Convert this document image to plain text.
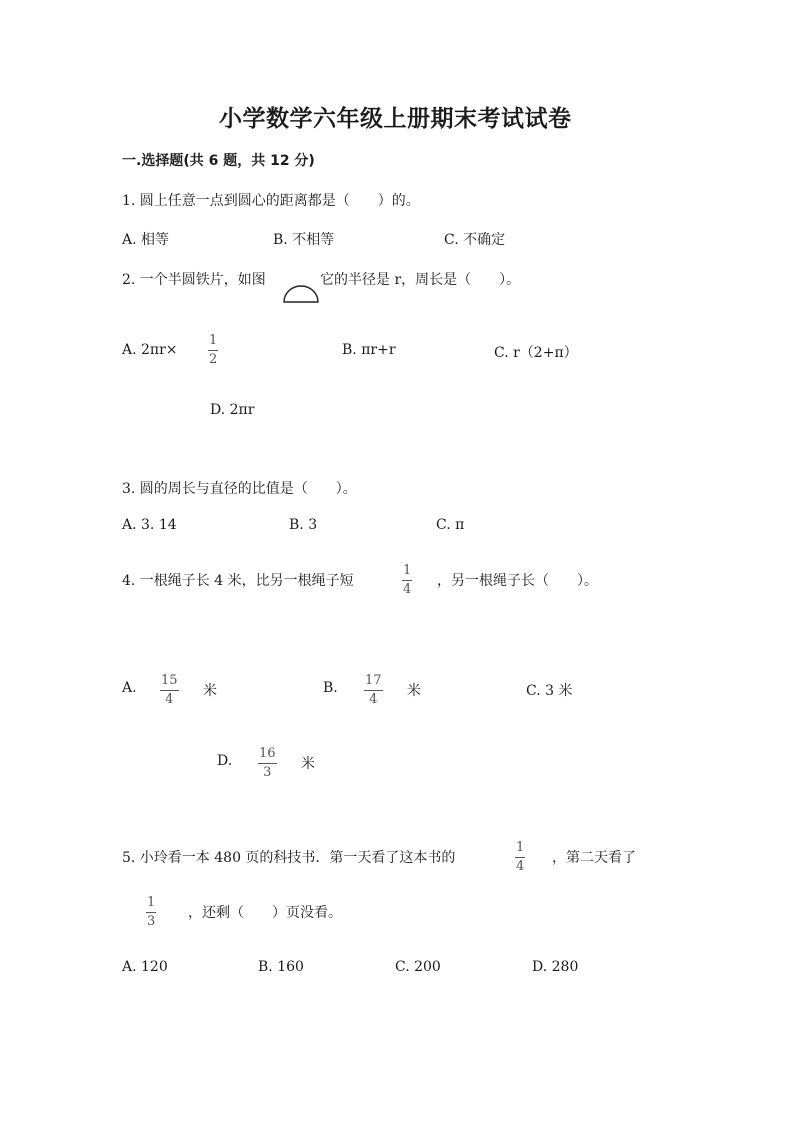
小学数学六年级上册期末考试试卷
一.选择题(共 6 题，共 12 分)
1. 圆上任意一点到圆心的距离都是（　　）的。
A. 相等	B. 不相等	C. 不确定
2. 一个半圆铁片，如图	它的半径是 r，周长是（　　）。
A. 2πr×
1
2
B. πr+r	C. r（2+π）
D. 2πr
3. 圆的周长与直径的比值是（　　）。
A. 3. 14	B. 3	C. π
4. 一根绳子长 4 米，比另一根绳子短
1
4
，另一根绳子长（　　）。
A. 15
4
米	B. 17
4
米	C. 3 米
D. 16
3
米
5. 小玲看一本 480 页的科技书．第一天看了这本书的
1
4
，第二天看了
1
3
，还剩（　　）页没看。
A. 120	B. 160	C. 200	D. 280
